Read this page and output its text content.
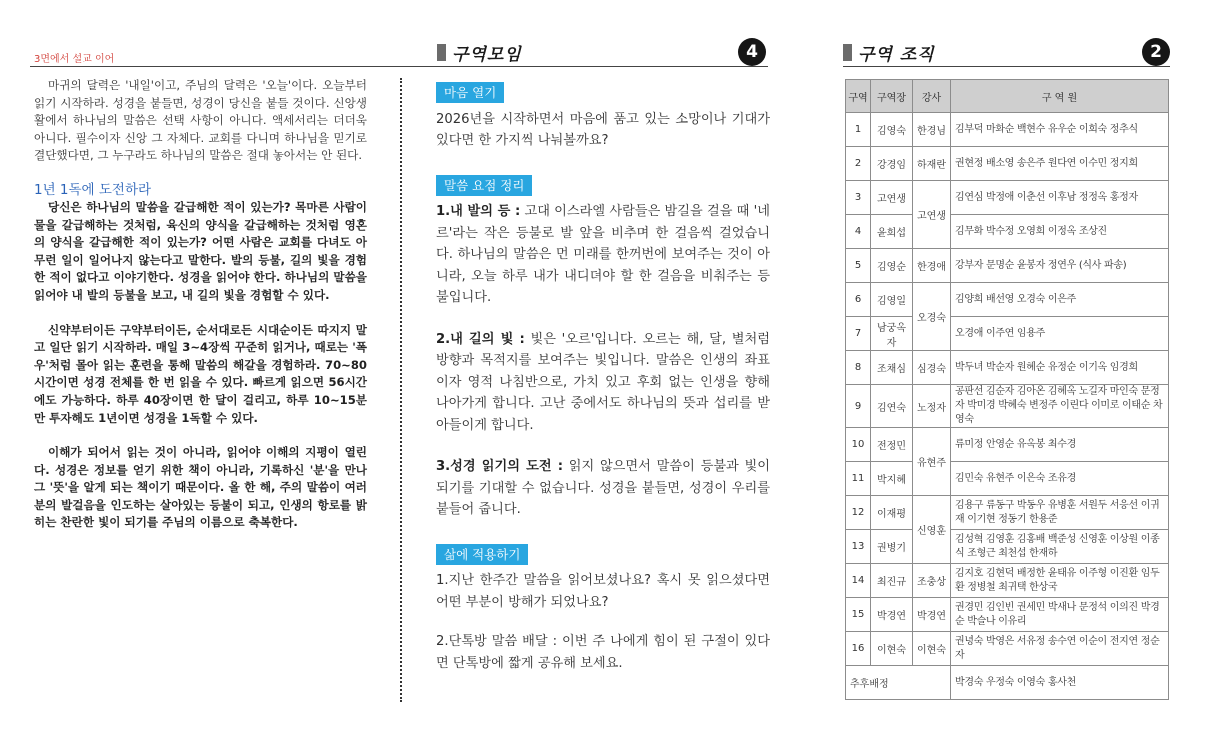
3면에서 설교 이어	구역모임	4	구역 조직	2

마귀의 달력은 '내일'이고, 주님의 달력은 '오늘'이다. 오늘부터 읽기 시작하라. 성경을 붙들면, 성경이 당신을 붙들 것이다. 신앙생활에서 하나님의 말씀은 선택 사항이 아니다. 액세서리는 더더욱 아니다. 필수이자 신앙 그 자체다. 교회를 다니며 하나님을 믿기로 결단했다면, 그 누구라도 하나님의 말씀은 절대 놓아서는 안 된다.

1년 1독에 도전하라

당신은 하나님의 말씀을 갈급해한 적이 있는가? 목마른 사람이 물을 갈급해하는 것처럼, 육신의 양식을 갈급해하는 것처럼 영혼의 양식을 갈급해한 적이 있는가? 어떤 사람은 교회를 다녀도 아무런 일이 일어나지 않는다고 말한다. 발의 등불, 길의 빛을 경험한 적이 없다고 이야기한다. 성경을 읽어야 한다. 하나님의 말씀을 읽어야 내 발의 등불을 보고, 내 길의 빛을 경험할 수 있다.

신약부터이든 구약부터이든, 순서대로든 시대순이든 따지지 말고 일단 읽기 시작하라. 매일 3~4장씩 꾸준히 읽거나, 때로는 '폭우'처럼 몰아 읽는 훈련을 통해 말씀의 해갈을 경험하라. 70~80시간이면 성경 전체를 한 번 읽을 수 있다. 빠르게 읽으면 56시간에도 가능하다. 하루 40장이면 한 달이 걸리고, 하루 10~15분만 투자해도 1년이면 성경을 1독할 수 있다.

이해가 되어서 읽는 것이 아니라, 읽어야 이해의 지평이 열린다. 성경은 정보를 얻기 위한 책이 아니라, 기록하신 '분'을 만나 그 '뜻'을 알게 되는 책이기 때문이다. 올 한 해, 주의 말씀이 여러분의 발걸음을 인도하는 살아있는 등불이 되고, 인생의 항로를 밝히는 찬란한 빛이 되기를 주님의 이름으로 축복한다.

마음 열기
2026년을 시작하면서 마음에 품고 있는 소망이나 기대가 있다면 한 가지씩 나눠볼까요?
말씀 요점 정리
1.내 발의 등 : 고대 이스라엘 사람들은 밤길을 걸을 때 '네르'라는 작은 등불로 발 앞을 비추며 한 걸음씩 걸었습니다. 하나님의 말씀은 먼 미래를 한꺼번에 보여주는 것이 아니라, 오늘 하루 내가 내디뎌야 할 한 걸음을 비춰주는 등불입니다.
2.내 길의 빛 : 빛은 '오르'입니다. 오르는 해, 달, 별처럼 방향과 목적지를 보여주는 빛입니다. 말씀은 인생의 좌표이자 영적 나침반으로, 가치 있고 후회 없는 인생을 향해 나아가게 합니다. 고난 중에서도 하나님의 뜻과 섭리를 받아들이게 합니다.
3.성경 읽기의 도전 : 읽지 않으면서 말씀이 등불과 빛이 되기를 기대할 수 없습니다. 성경을 붙들면, 성경이 우리를 붙들어 줍니다.
삶에 적용하기
1.지난 한주간 말씀을 읽어보셨나요? 혹시 못 읽으셨다면 어떤 부분이 방해가 되었나요?
2.단톡방 말씀 배달 : 이번 주 나에게 힘이 된 구절이 있다면 단톡방에 짧게 공유해 보세요.
구역	구역장	강사	구 역 원
1	김영숙	한경님	김부덕 마화순 백현수 유우순 이희숙 정추식
2	강경임	하재란	권현정 배소영 송은주 원다연 이수민 정지희
3	고연생	고연생	김연심 박정애 이춘선 이후남 정정옥 홍정자
4	윤희섭		김무화 박수정 오영희 이정옥 조상진
5	김영순	한경애	강부자 문명순 윤봉자 정연우 (식사 파송)
6	김영일	오경숙	김양희 배선영 오경숙 이은주
7	남궁옥자		오경애 이주연 임용주
8	조채심	심경숙	박두녀 박순자 원혜순 유정순 이기옥 임경희
9	김연숙	노정자	공판선 김순자 김아온 김혜옥 노길자 마인숙 문정자 박미경 박혜숙 변정주 이린다 이미로 이태순 차영숙
10	전정민	유현주	류미정 안영순 유옥봉 최수경
11	박지혜		김민숙 유현주 이은숙 조유경
12	이재평	신영훈	김용구 류동구 박동우 유병훈 서원두 서응선 이귀재 이기현 정동기 한용준
13	권병기		김성혁 김영훈 김홍배 백준성 신영훈 이상원 이종식 조형근 최천섭 한재하
14	최진규	조충상	김지호 김현덕 배정한 윤태유 이주형 이진환 임두환 정병철 최귀택 한상국
15	박경연	박경연	권경민 김인빈 권세민 박새나 문정석 이의진 박경순 박슬나 이유리
16	이현숙	이현숙	권녕숙 박영은 서유정 송수연 이순이 전지연 정순자
추후배정			박경숙 우정숙 이영숙 홍사천
